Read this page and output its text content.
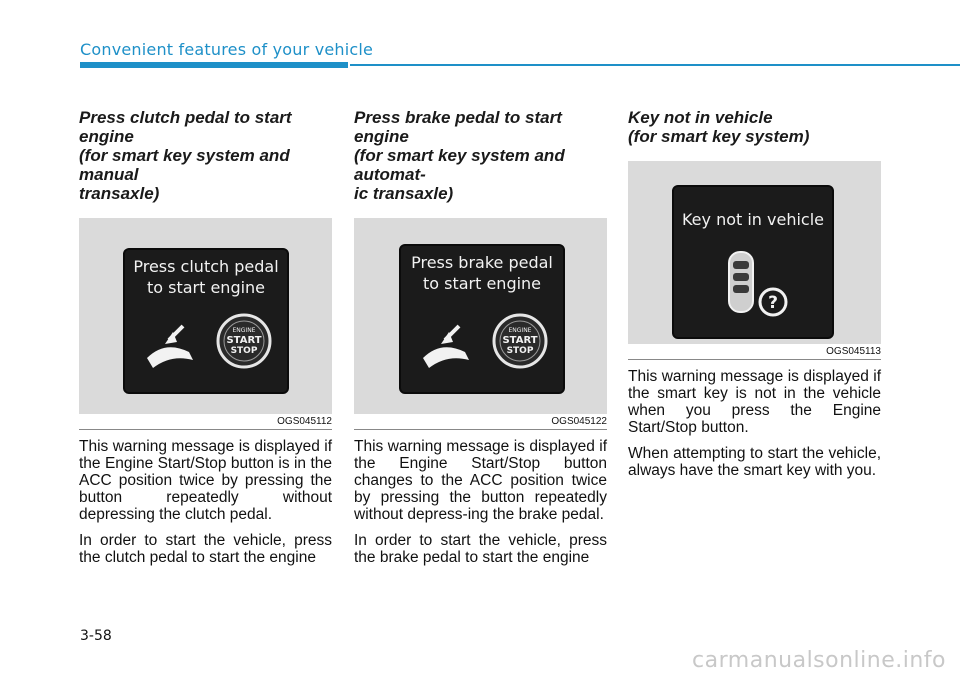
Convenient features of your vehicle
Press clutch pedal to start engine
(for smart key system and manual
transaxle)
Press clutch pedal
to start engine
ENGINE
START
STOP
OGS045112

This warning message is displayed if the Engine Start/Stop button is in the ACC position twice by pressing the button repeatedly without depressing the clutch pedal.

In order to start the vehicle, press the clutch pedal to start the engine

Press brake pedal to start engine
(for smart key system and automat-
ic transaxle)
Press brake pedal
to start engine
ENGINE
START
STOP
OGS045122

This warning message is displayed if the Engine Start/Stop button changes to the ACC position twice by pressing the button repeatedly without depress-ing the brake pedal.

In order to start the vehicle, press the brake pedal to start the engine

Key not in vehicle
(for smart key system)
Key not in vehicle
?
OGS045113

This warning message is displayed if the smart key is not in the vehicle when you press the Engine Start/Stop button.

When attempting to start the vehicle, always have the smart key with you.

3-58
carmanualsonline.info
